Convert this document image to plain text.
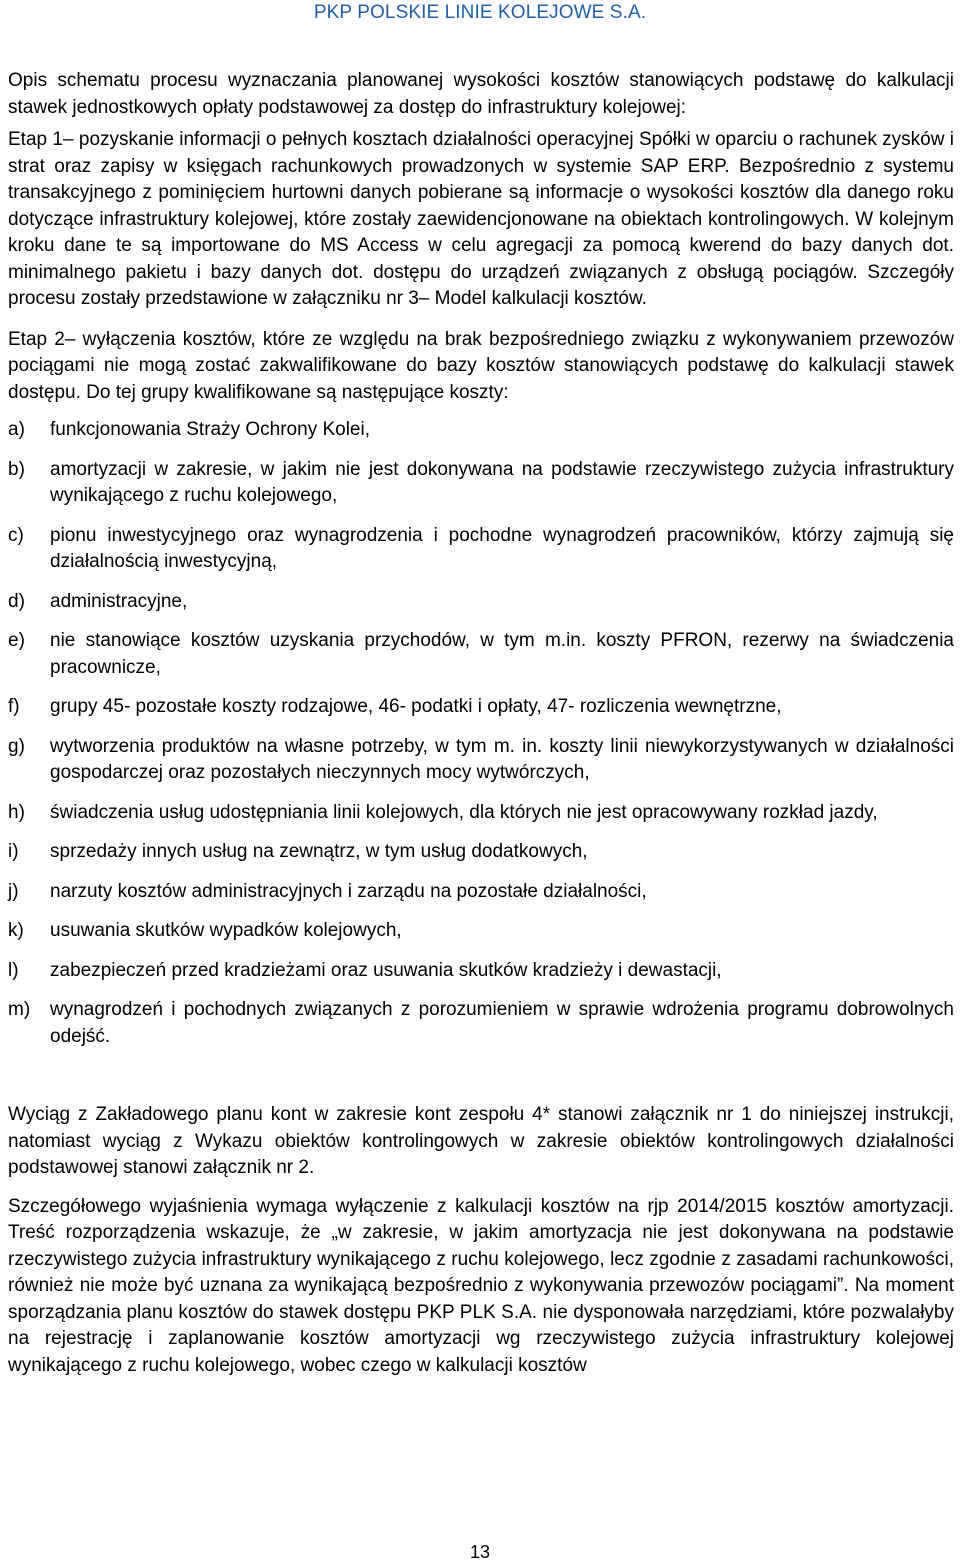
PKP POLSKIE LINIE KOLEJOWE S.A.

Opis schematu procesu wyznaczania planowanej wysokości kosztów stanowiących podstawę do kalkulacji stawek jednostkowych opłaty podstawowej za dostęp do infrastruktury kolejowej:

Etap 1– pozyskanie informacji o pełnych kosztach działalności operacyjnej Spółki w oparciu o rachunek zysków i strat oraz zapisy w księgach rachunkowych prowadzonych w systemie SAP ERP. Bezpośrednio z systemu transakcyjnego z pominięciem hurtowni danych pobierane są informacje o wysokości kosztów dla danego roku dotyczące infrastruktury kolejowej, które zostały zaewidencjonowane na obiektach kontrolingowych. W kolejnym kroku dane te są importowane do MS Access w celu agregacji za pomocą kwerend do bazy danych dot. minimalnego pakietu i bazy danych dot. dostępu do urządzeń związanych z obsługą pociągów. Szczegóły procesu zostały przedstawione w załączniku nr 3– Model kalkulacji kosztów.

Etap 2– wyłączenia kosztów, które ze względu na brak bezpośredniego związku z wykonywaniem przewozów pociągami nie mogą zostać zakwalifikowane do bazy kosztów stanowiących podstawę do kalkulacji stawek dostępu. Do tej grupy kwalifikowane są następujące koszty:

a)	funkcjonowania Straży Ochrony Kolei,
b)	amortyzacji w zakresie, w jakim nie jest dokonywana na podstawie rzeczywistego zużycia infrastruktury wynikającego z ruchu kolejowego,
c)	pionu inwestycyjnego oraz wynagrodzenia i pochodne wynagrodzeń pracowników, którzy zajmują się działalnością inwestycyjną,
d)	administracyjne,
e)	nie stanowiące kosztów uzyskania przychodów, w tym m.in. koszty PFRON, rezerwy na świadczenia pracownicze,
f)	grupy 45- pozostałe koszty rodzajowe, 46- podatki i opłaty, 47- rozliczenia wewnętrzne,
g)	wytworzenia produktów na własne potrzeby, w tym m. in. koszty linii niewykorzystywanych w działalności gospodarczej oraz pozostałych nieczynnych mocy wytwórczych,
h)	świadczenia usług udostępniania linii kolejowych, dla których nie jest opracowywany rozkład jazdy,
i)	sprzedaży innych usług na zewnątrz, w tym usług dodatkowych,
j)	narzuty kosztów administracyjnych i zarządu na pozostałe działalności,
k)	usuwania skutków wypadków kolejowych,
l)	zabezpieczeń przed kradzieżami oraz usuwania skutków kradzieży i dewastacji,
m)	wynagrodzeń i pochodnych związanych z porozumieniem w sprawie wdrożenia programu dobrowolnych odejść.

Wyciąg z Zakładowego planu kont w zakresie kont zespołu 4* stanowi załącznik nr 1 do niniejszej instrukcji, natomiast wyciąg z Wykazu obiektów kontrolingowych w zakresie obiektów kontrolingowych działalności podstawowej stanowi załącznik nr 2.

Szczegółowego wyjaśnienia wymaga wyłączenie z kalkulacji kosztów na rjp 2014/2015 kosztów amortyzacji. Treść rozporządzenia wskazuje, że „w zakresie, w jakim amortyzacja nie jest dokonywana na podstawie rzeczywistego zużycia infrastruktury wynikającego z ruchu kolejowego, lecz zgodnie z zasadami rachunkowości, również nie może być uznana za wynikającą bezpośrednio z wykonywania przewozów pociągami”. Na moment sporządzania planu kosztów do stawek dostępu PKP PLK S.A. nie dysponowała narzędziami, które pozwalałyby na rejestrację i zaplanowanie kosztów amortyzacji wg rzeczywistego zużycia infrastruktury kolejowej wynikającego z ruchu kolejowego, wobec czego w kalkulacji kosztów

13
